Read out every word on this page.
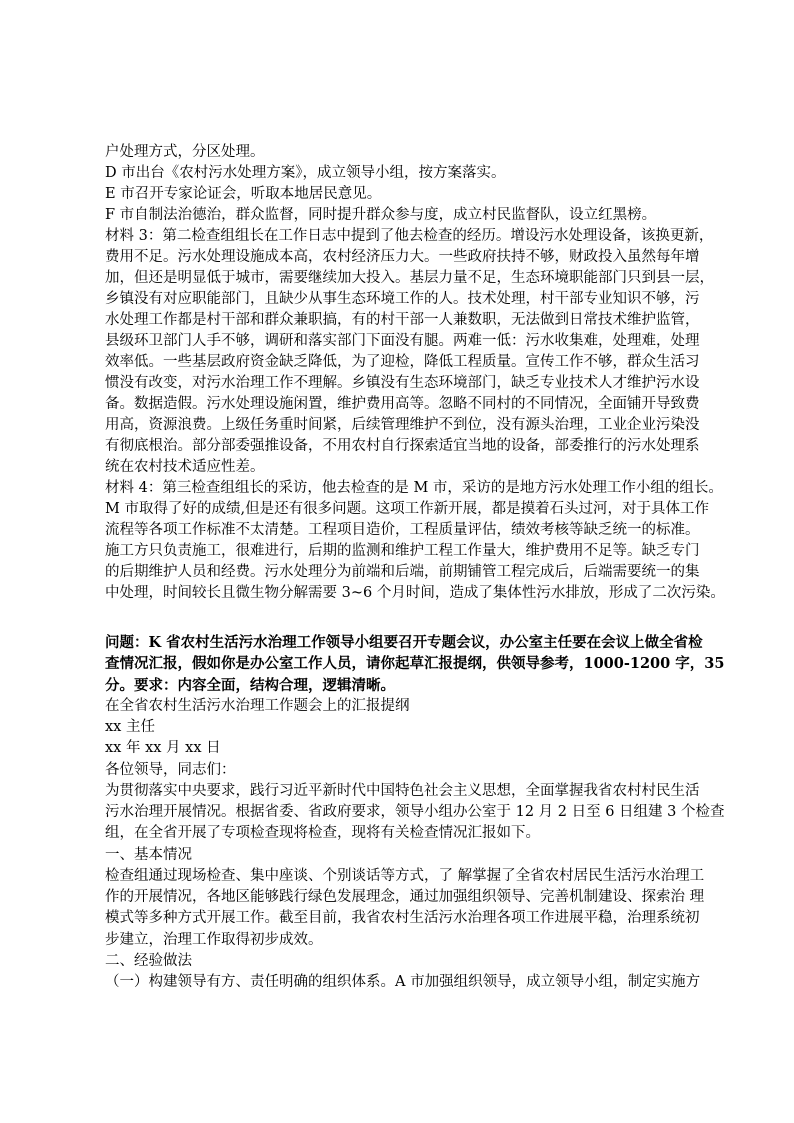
户处理方式，分区处理。
D 市出台《农村污水处理方案》，成立领导小组，按方案落实。
E 市召开专家论证会，听取本地居民意见。
F 市自制法治德治，群众监督，同时提升群众参与度，成立村民监督队，设立红黑榜。
材料 3：第二检查组组长在工作日志中提到了他去检查的经历。增设污水处理设备，该换更新，
费用不足。污水处理设施成本高，农村经济压力大。一些政府扶持不够，财政投入虽然每年增
加，但还是明显低于城市，需要继续加大投入。基层力量不足，生态环境职能部门只到县一层，
乡镇没有对应职能部门，且缺少从事生态环境工作的人。技术处理，村干部专业知识不够，污
水处理工作都是村干部和群众兼职搞，有的村干部一人兼数职，无法做到日常技术维护监管，
县级环卫部门人手不够，调研和落实部门下面没有腿。两难一低：污水收集难，处理难，处理
效率低。一些基层政府资金缺乏降低，为了迎检，降低工程质量。宣传工作不够，群众生活习
惯没有改变，对污水治理工作不理解。乡镇没有生态环境部门，缺乏专业技术人才维护污水设
备。数据造假。污水处理设施闲置，维护费用高等。忽略不同村的不同情况，全面铺开导致费
用高，资源浪费。上级任务重时间紧，后续管理维护不到位，没有源头治理，工业企业污染没
有彻底根治。部分部委强推设备，不用农村自行探索适宜当地的设备，部委推行的污水处理系
统在农村技术适应性差。
材料 4：第三检查组组长的采访，他去检查的是 M 市，采访的是地方污水处理工作小组的组长。
M 市取得了好的成绩,但是还有很多问题。这项工作新开展，都是摸着石头过河，对于具体工作
流程等各项工作标准不太清楚。工程项目造价，工程质量评估，绩效考核等缺乏统一的标准。
施工方只负责施工，很难进行，后期的监测和维护工程工作量大，维护费用不足等。缺乏专门
的后期维护人员和经费。污水处理分为前端和后端，前期铺管工程完成后，后端需要统一的集
中处理，时间较长且微生物分解需要 3~6 个月时间，造成了集体性污水排放，形成了二次污染。
问题：K 省农村生活污水治理工作领导小组要召开专题会议，办公室主任要在会议上做全省检
查情况汇报，假如你是办公室工作人员，请你起草汇报提纲，供领导参考，1000-1200 字，35
分。要求：内容全面，结构合理，逻辑清晰。
在全省农村生活污水治理工作题会上的汇报提纲
xx 主任
xx 年 xx 月 xx 日
各位领导，同志们：
为贯彻落实中央要求，践行习近平新时代中国特色社会主义思想，全面掌握我省农村村民生活
污水治理开展情况。根据省委、省政府要求，领导小组办公室于 12 月 2 日至 6 日组建 3 个检查
组，在全省开展了专项检查现将检查，现将有关检查情况汇报如下。
一、基本情况
检查组通过现场检查、集中座谈、个别谈话等方式，了 解掌握了全省农村居民生活污水治理工
作的开展情况，各地区能够践行绿色发展理念，通过加强组织领导、完善机制建设、探索治 理
模式等多种方式开展工作。截至目前，我省农村生活污水治理各项工作进展平稳，治理系统初
步建立，治理工作取得初步成效。
二、经验做法
（一）构建领导有方、责任明确的组织体系。A 市加强组织领导，成立领导小组，制定实施方
